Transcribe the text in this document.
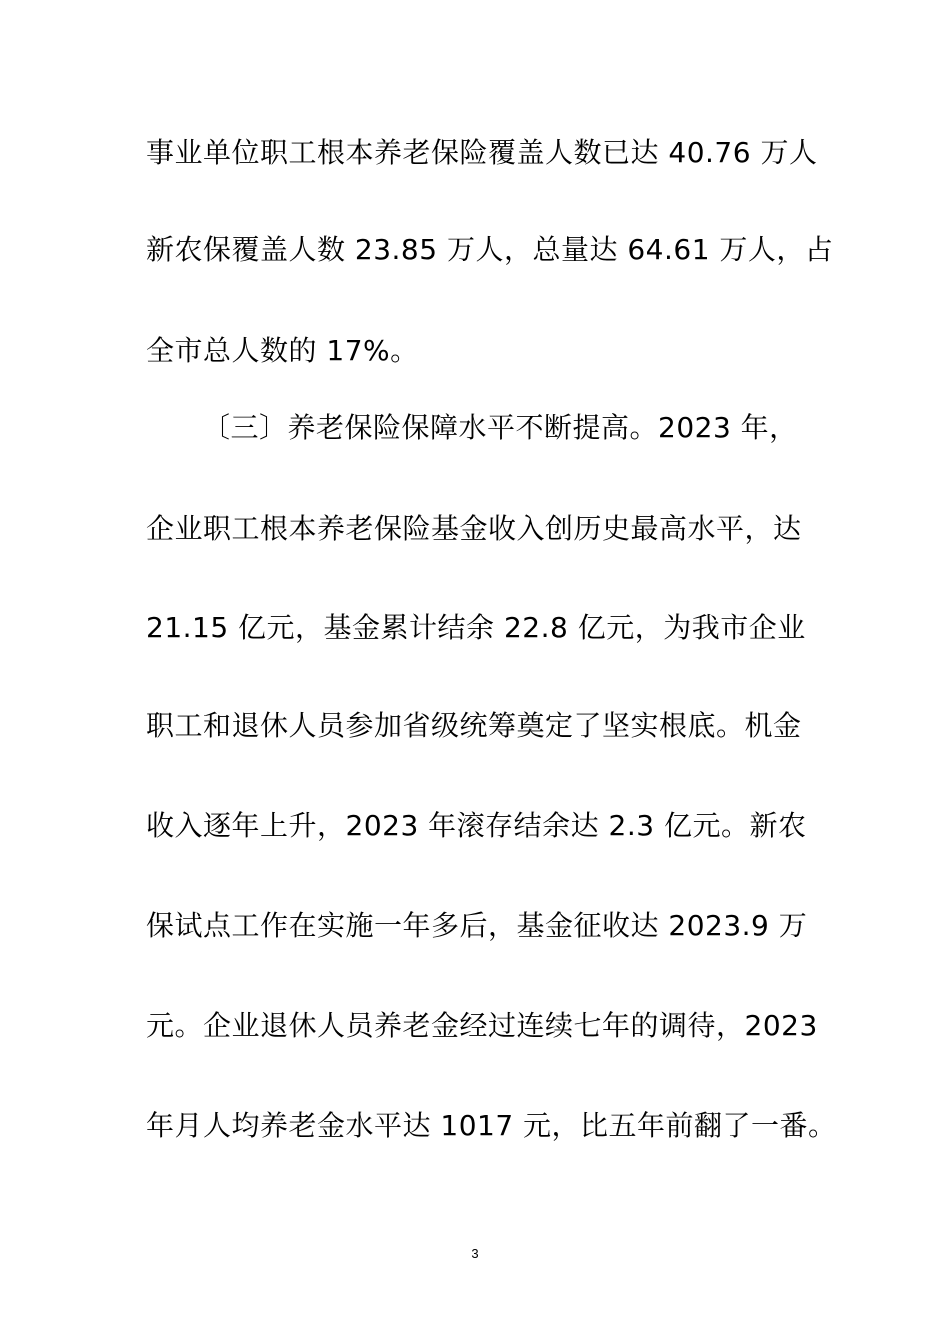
事业单位职工根本养老保险覆盖人数已达 40.76 万人
新农保覆盖人数 23.85 万人，总量达 64.61 万人，占
全市总人数的 17%。
〔三〕养老保险保障水平不断提高。2023 年，
企业职工根本养老保险基金收入创历史最高水平，达
21.15 亿元，基金累计结余 22.8 亿元，为我市企业
职工和退休人员参加省级统筹奠定了坚实根底。机金
收入逐年上升，2023 年滚存结余达 2.3 亿元。新农
保试点工作在实施一年多后，基金征收达 2023.9 万
元。企业退休人员养老金经过连续七年的调待，2023
年月人均养老金水平达 1017 元，比五年前翻了一番。
3
